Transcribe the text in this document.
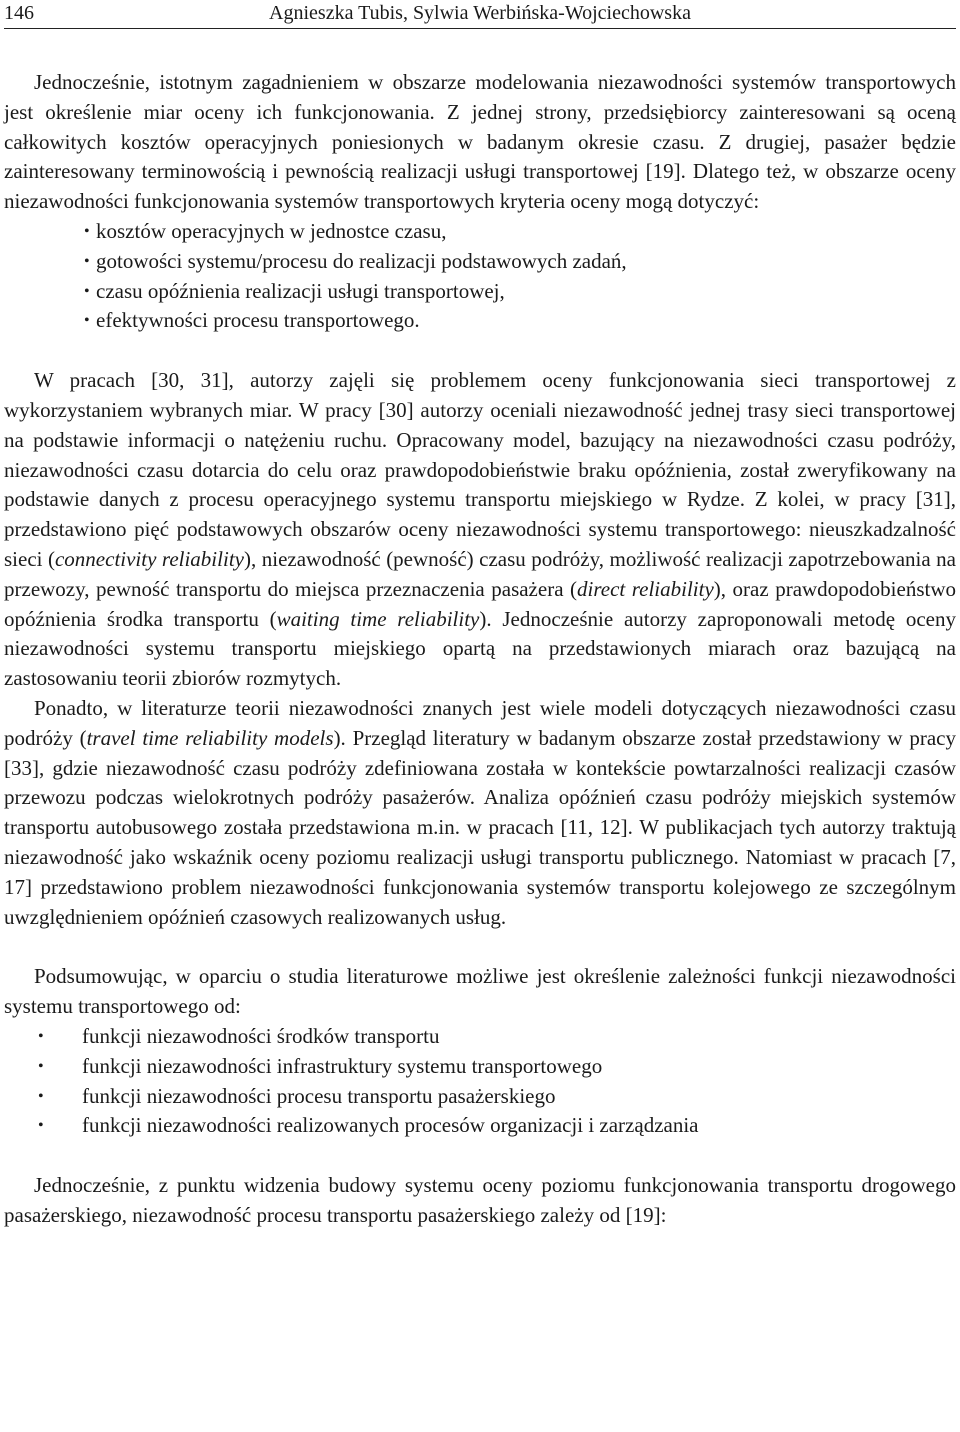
146	Agnieszka Tubis, Sylwia Werbińska-Wojciechowska

Jednocześnie, istotnym zagadnieniem w obszarze modelowania niezawodności systemów transportowych jest określenie miar oceny ich funkcjonowania. Z jednej strony, przedsiębiorcy zainteresowani są oceną całkowitych kosztów operacyjnych poniesionych w badanym okresie czasu. Z drugiej, pasażer będzie zainteresowany terminowością i pewnością realizacji usługi transportowej [19]. Dlatego też, w obszarze oceny niezawodności funkcjonowania systemów transportowych kryteria oceny mogą dotyczyć:

• kosztów operacyjnych w jednostce czasu,
• gotowości systemu/procesu do realizacji podstawowych zadań,
• czasu opóźnienia realizacji usługi transportowej,
• efektywności procesu transportowego.

W pracach [30, 31], autorzy zajęli się problemem oceny funkcjonowania sieci transportowej z wykorzystaniem wybranych miar. W pracy [30] autorzy oceniali niezawodność jednej trasy sieci transportowej na podstawie informacji o natężeniu ruchu. Opracowany model, bazujący na niezawodności czasu podróży, niezawodności czasu dotarcia do celu oraz prawdopodobieństwie braku opóźnienia, został zweryfikowany na podstawie danych z procesu operacyjnego systemu transportu miejskiego w Rydze. Z kolei, w pracy [31], przedstawiono pięć podstawowych obszarów oceny niezawodności systemu transportowego: nieuszkadzalność sieci (connectivity reliability), niezawodność (pewność) czasu podróży, możliwość realizacji zapotrzebowania na przewozy, pewność transportu do miejsca przeznaczenia pasażera (direct reliability), oraz prawdopodobieństwo opóźnienia środka transportu (waiting time reliability). Jednocześnie autorzy zaproponowali metodę oceny niezawodności systemu transportu miejskiego opartą na przedstawionych miarach oraz bazującą na zastosowaniu teorii zbiorów rozmytych.

Ponadto, w literaturze teorii niezawodności znanych jest wiele modeli dotyczących niezawodności czasu podróży (travel time reliability models). Przegląd literatury w badanym obszarze został przedstawiony w pracy [33], gdzie niezawodność czasu podróży zdefiniowana została w kontekście powtarzalności realizacji czasów przewozu podczas wielokrotnych podróży pasażerów. Analiza opóźnień czasu podróży miejskich systemów transportu autobusowego została przedstawiona m.in. w pracach [11, 12]. W publikacjach tych autorzy traktują niezawodność jako wskaźnik oceny poziomu realizacji usługi transportu publicznego. Natomiast w pracach [7, 17] przedstawiono problem niezawodności funkcjonowania systemów transportu kolejowego ze szczególnym uwzględnieniem opóźnień czasowych realizowanych usług.

Podsumowując, w oparciu o studia literaturowe możliwe jest określenie zależności funkcji niezawodności systemu transportowego od:

• funkcji niezawodności środków transportu
• funkcji niezawodności infrastruktury systemu transportowego
• funkcji niezawodności procesu transportu pasażerskiego
• funkcji niezawodności realizowanych procesów organizacji i zarządzania

Jednocześnie, z punktu widzenia budowy systemu oceny poziomu funkcjonowania transportu drogowego pasażerskiego, niezawodność procesu transportu pasażerskiego zależy od [19]:
